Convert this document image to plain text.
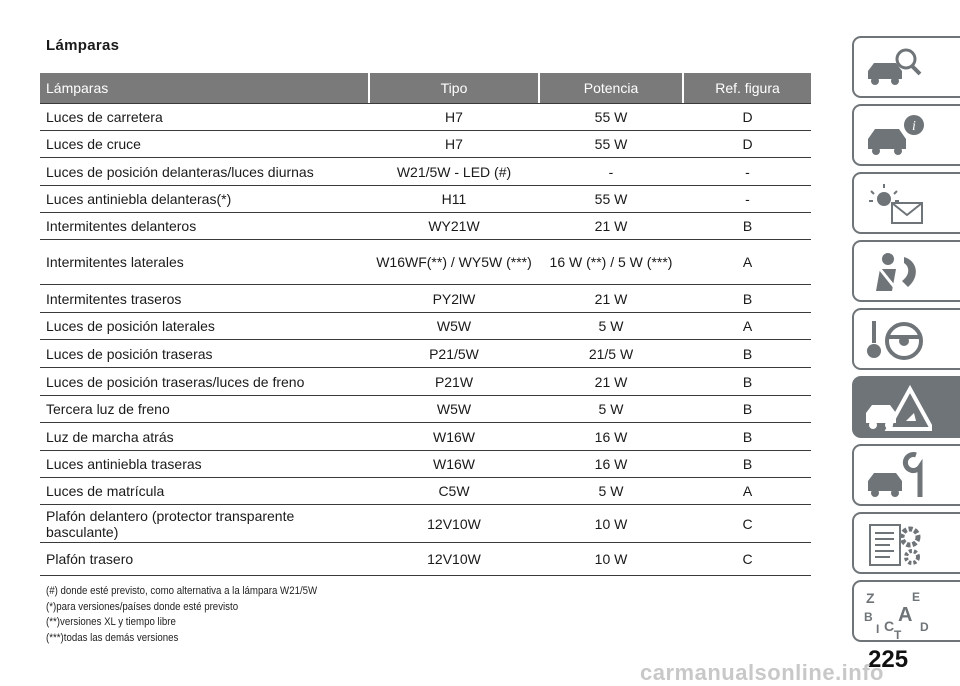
Lámparas
Lámparas	Tipo	Potencia	Ref. figura
Luces de carretera	H7	55 W	D
Luces de cruce	H7	55 W	D
Luces de posición delanteras/luces diurnas	W21/5W - LED (#)	-	-
Luces antiniebla delanteras(*)	H11	55 W	-
Intermitentes delanteros	WY21W	21 W	B
Intermitentes laterales	W16WF(**) / WY5W (***)	16 W (**) / 5 W (***)	A
Intermitentes traseros	PY2lW	21 W	B
Luces de posición laterales	W5W	5 W	A
Luces de posición traseras	P21/5W	21/5 W	B
Luces de posición traseras/luces de freno	P21W	21 W	B
Tercera luz de freno	W5W	5 W	B
Luz de marcha atrás	W16W	16 W	B
Luces antiniebla traseras	W16W	16 W	B
Luces de matrícula	C5W	5 W	A
Plafón delantero (protector transparente basculante)	12V10W	10 W	C
Plafón trasero	12V10W	10 W	C
(#) donde esté previsto, como alternativa a la lámpara W21/5W
(*)para versiones/países donde esté previsto
(**)versiones XL y tiempo libre
(***)todas las demás versiones
i
Z	E
B A
I C
T
D
225
carmanualsonline.info
